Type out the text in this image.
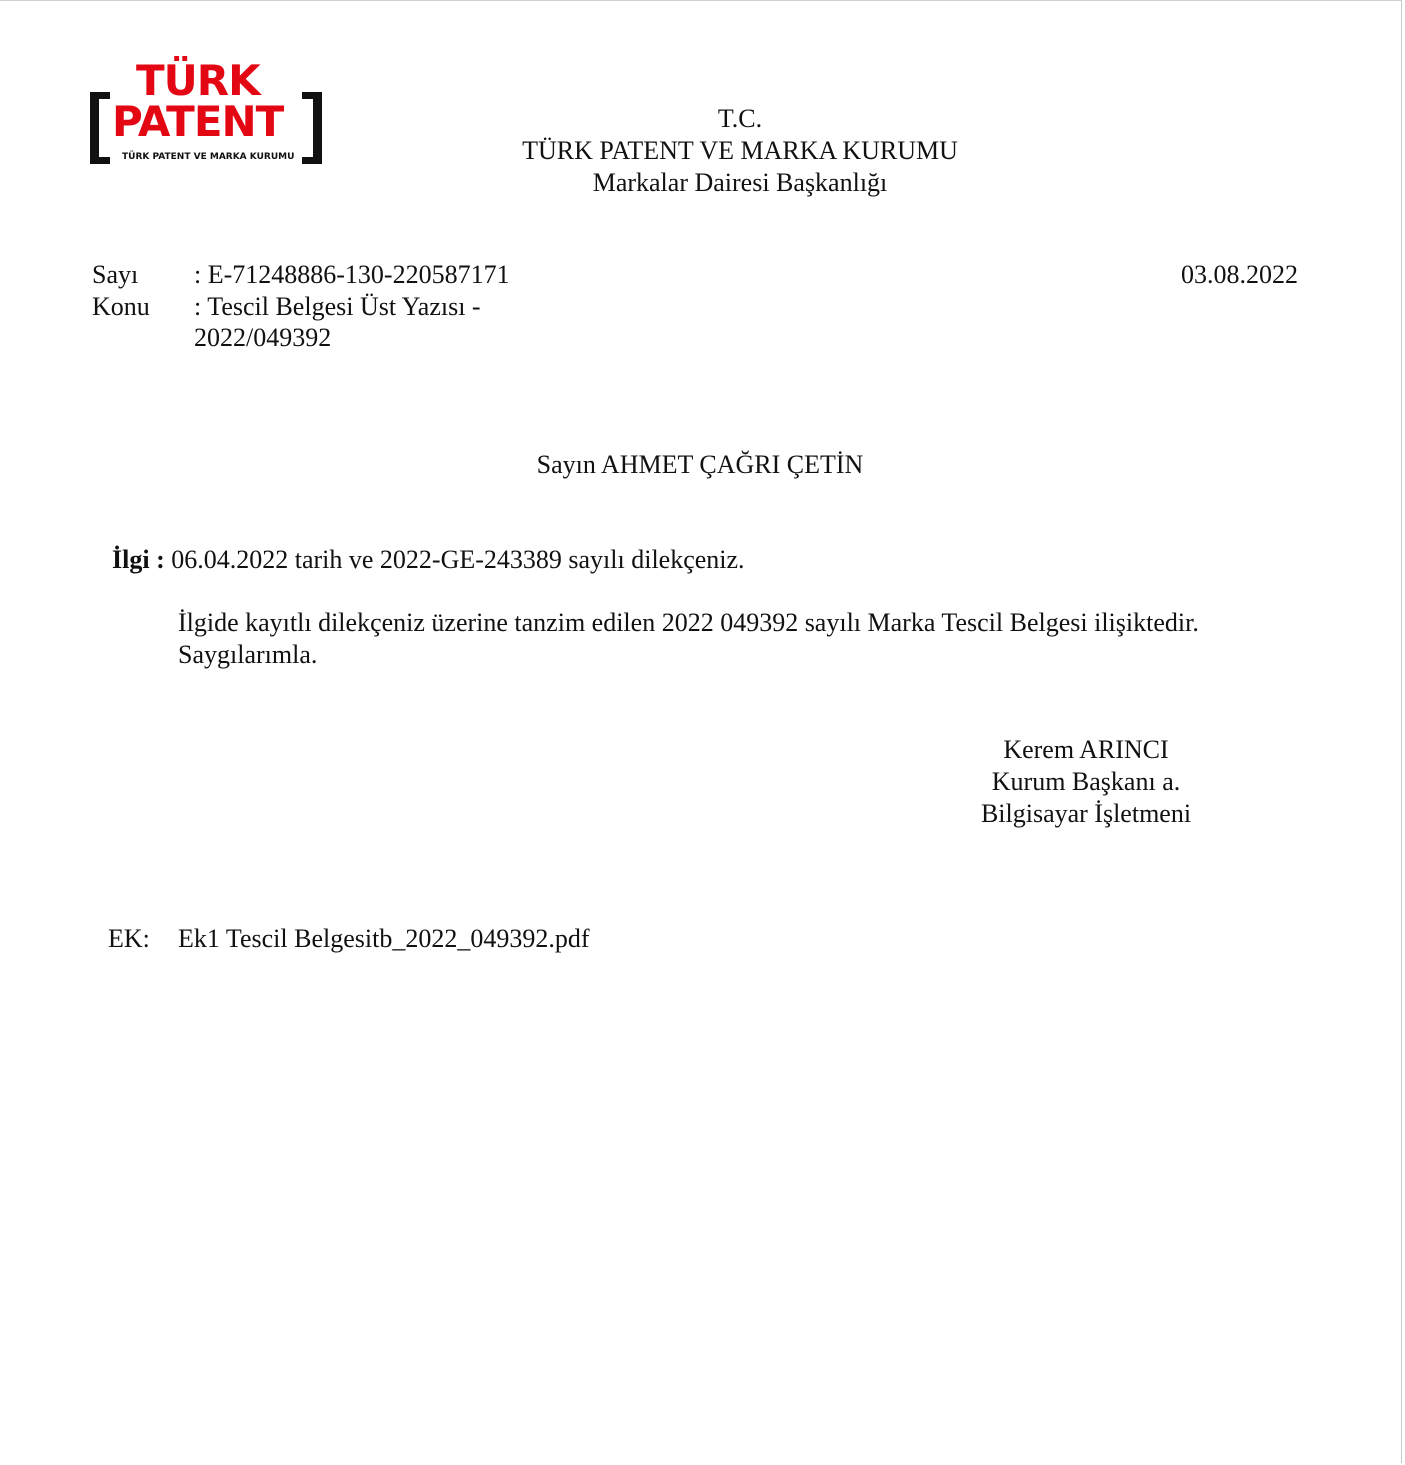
TÜRK
PATENT
TÜRK PATENT VE MARKA KURUMU
T.C.
TÜRK PATENT VE MARKA KURUMU
Markalar Dairesi Başkanlığı
Sayı : E-71248886-130-220587171	03.08.2022
Konu : Tescil Belgesi Üst Yazısı -
2022/049392
Sayın AHMET ÇAĞRI ÇETİN
İlgi : 06.04.2022 tarih ve 2022-GE-243389 sayılı dilekçeniz.
İlgide kayıtlı dilekçeniz üzerine tanzim edilen 2022 049392 sayılı Marka Tescil Belgesi ilişiktedir.
Saygılarımla.
Kerem ARINCI
Kurum Başkanı a.
Bilgisayar İşletmeni
EK: Ek1 Tescil Belgesitb_2022_049392.pdf
